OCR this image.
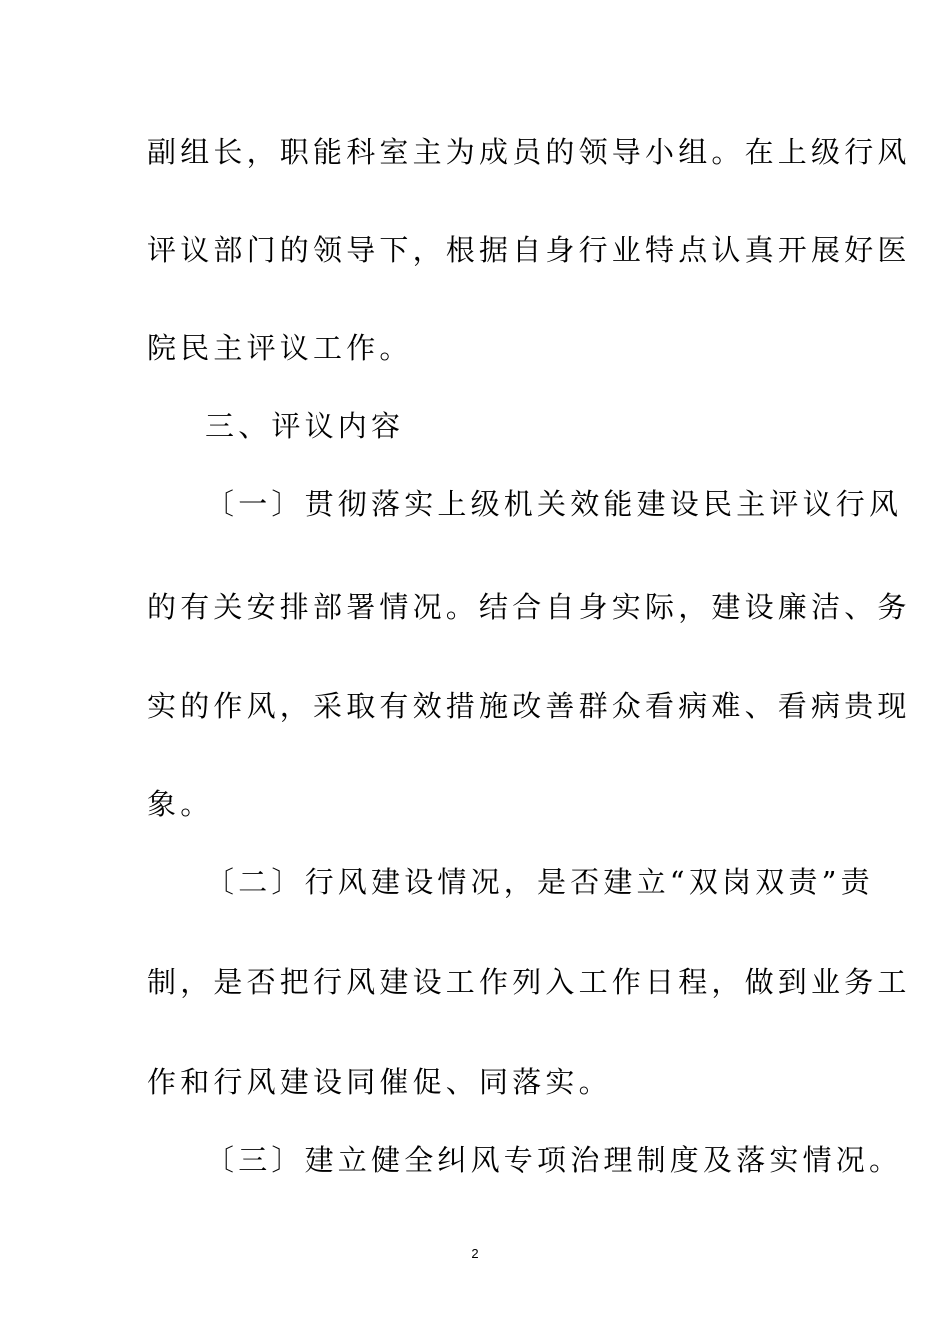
副组长，职能科室主为成员的领导小组。在上级行风

评议部门的领导下，根据自身行业特点认真开展好医

院民主评议工作。

三、评议内容

〔一〕贯彻落实上级机关效能建设民主评议行风

的有关安排部署情况。结合自身实际，建设廉洁、务

实的作风，采取有效措施改善群众看病难、看病贵现

象。

〔二〕行风建设情况，是否建立“双岗双责”责

制，是否把行风建设工作列入工作日程，做到业务工

作和行风建设同催促、同落实。

〔三〕建立健全纠风专项治理制度及落实情况。

2
